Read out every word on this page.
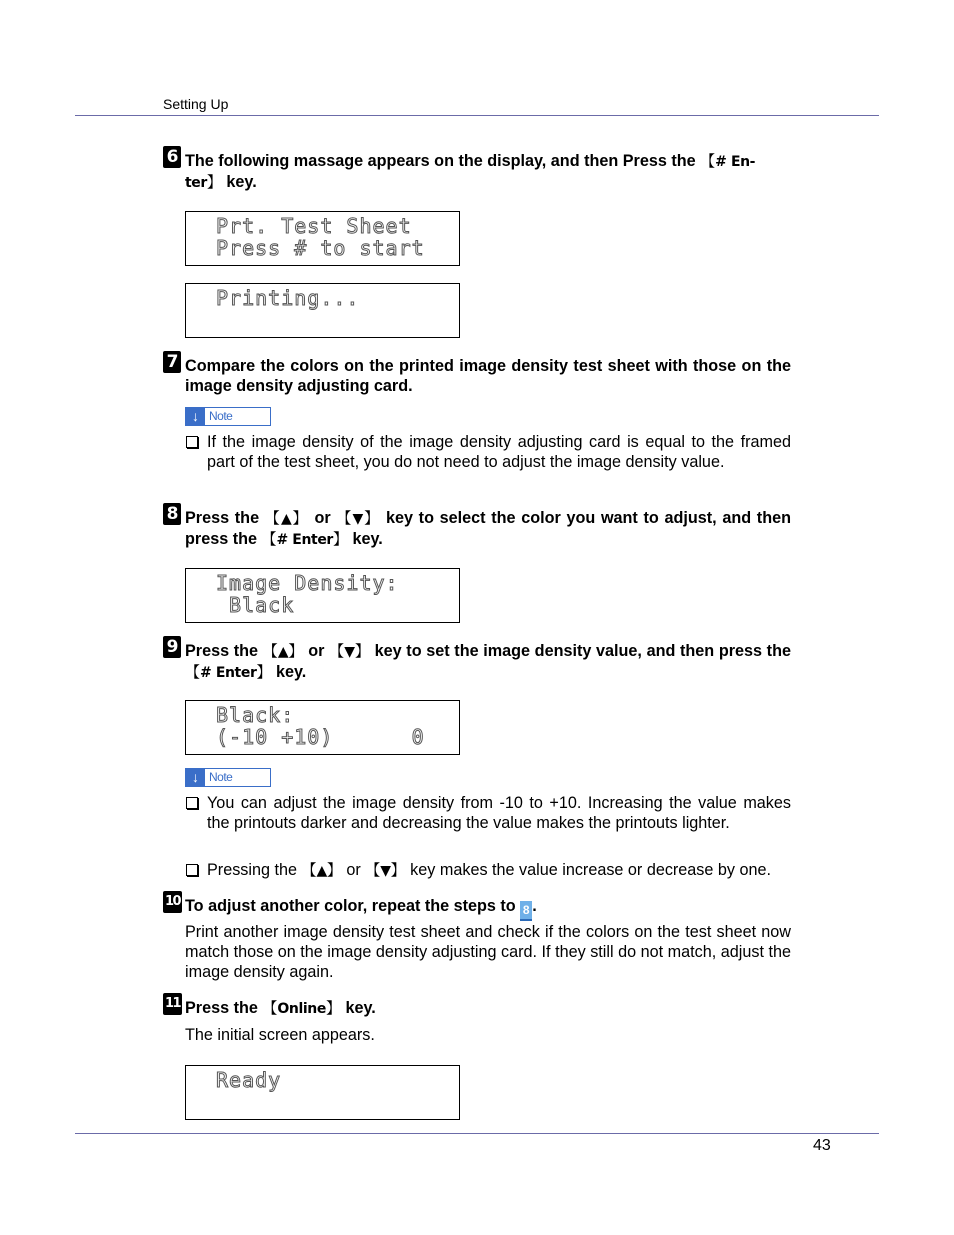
Setting Up
6 The following massage appears on the display, and then Press the 【# En-
ter】 key.
Prt. Test Sheet
Press # to start
Printing...
7 Compare the colors on the printed image density test sheet with those on the image density adjusting card.
↓ Note
If the image density of the image density adjusting card is equal to the framed part of the test sheet, you do not need to adjust the image density value.
8 Press the 【▲】 or 【▼】 key to select the color you want to adjust, and then press the 【# Enter】 key.
Image Density:
Black
9 Press the 【▲】 or 【▼】 key to set the image density value, and then press the 【# Enter】 key.
Black:
(-10 +10)      0
↓ Note
You can adjust the image density from -10 to +10. Increasing the value makes the printouts darker and decreasing the value makes the printouts lighter.
Pressing the 【▲】 or 【▼】 key makes the value increase or decrease by one.
10 To adjust another color, repeat the steps to 8 .
Print another image density test sheet and check if the colors on the test sheet now match those on the image density adjusting card. If they still do not match, adjust the image density again.
11 Press the 【Online】 key.
The initial screen appears.
Ready
43
